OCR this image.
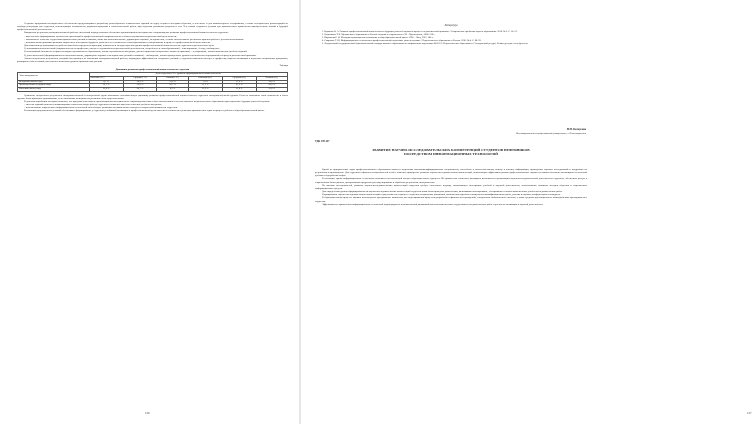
Создание программно-методического обеспечения предусматривает разработку разнообразных тематических заданий по курсу теории и методики обучения, в том числе и для компьютерного тестирования, а также методических рекомендаций по подбору репертуара для студентов, использующих возможности диджитал-программ в самостоятельной работе при изучении различных разделов и тем. Тем самым создаются условия для практического применения приобретенных знаний в будущей профессиональной деятельности.

Ожидаемые результаты экспериментальной работы: системный подход позволит обеспечить организационно-методическое сопровождение развития профессиональной компетентности студентов:

– качественное формирование ценностных ориентаций и профессиональной направленности в области музыкально-педагогической деятельности;

– оптимальное освоение студентами практических умений и навыков, таких как исполнительские, дирижерско-хоровые, методические, а также использование различных приемов работы с детским коллективом;

– положительная динамика развития творческого потенциала будущего учителя и его готовности к самообразованию и саморазвитию в процессе профессиональной деятельности.

Для выявления результативности работы нами были определены критерии, показатели и методы изучения уровня профессиональной компетентности студентов педагогического вуза:

1) мотивационно-ценностный (направленность на профессию, интерес к музыкально-педагогической деятельности, потребность в самообразовании) – анкетирование, беседа, наблюдение;

2) когнитивный (знания по теории и методике музыкального образования, знание музыкального материала, умение применять полученные знания на практике) – тестирование, анализ выполнения учебных заданий;

3) деятельностный (сформированность исполнительских, дирижерско-хоровых и методических умений и навыков) – наблюдение, анализ проведенных уроков и внеклассных мероприятий в период педагогической практики.

Анализ полученных результатов, который был проведен по окончании экспериментальной работы, подтвердил эффективность созданных условий: у студентов повысился интерес к профессии, выросла мотивация к изучению специальных дисциплин, расширился объем знаний, качественно изменился уровень практических умений.

Таблица
Динамика развития профессиональной компетентности студентов
Этап эксперимента	Доля студентов (%) с уровнем сформированности компетентности					
	Высокий (ЭГ)	Средний (ЭГ)	Низкий (ЭГ)	Высокий (КГ)	Средний (КГ)	Низкий (КГ)
Исходный (начало года)	8,1 %	38,9 %	53,0 %	7,8 %	37,6 %	54,6 %
Промежуточный (середина года)	16,7 %	53,6 %	29,7 %	11,1 %	47,3 %	41,6 %
Итоговый (конец года)	32,4 %	58,7 %	8,9 %	13,2 %	51,8 %	35,0 %

Сравнение полученных результатов экспериментальной и контрольной групп показывает положительную динамику развития профессиональной компетентности студентов экспериментальной группы. Если на начальном этапе показатели в обеих группах были примерно одинаковыми, то по окончании эксперимента различия стали существенными.

Результаты апробации методики показали, что предложенная модель организационно-методического сопровождения может быть использована в системе высшего педагогического образования при подготовке будущих учителей музыки:

– система заданий позволяет активизировать самостоятельную работу студентов и повысить качество освоения учебного материала;

– использование современных информационных технологий способствует развитию познавательного интереса и творческой активности студентов.

Реализация предложенных условий обеспечивает формирование у студентов устойчивой мотивации к профессиональной деятельности и готовности к решению практических задач в процессе работы в общеобразовательной школе.

126
Литература

1. Баранова О. А. Развитие профессиональной компетентности будущих учителей музыки в процессе педагогической практики // Современные проблемы науки и образования. 2014. № 3. С. 14–21.

2. Гродникова Т. В. Музыкальное образование в России: история и современность. М. : Просвещение, 2008. 216 с.

3. Кирьянова Е. В. Методика музыкального воспитания в общеобразовательной школе. СПб. : Лань, 2012. 184 с.

4. Смирнова Т. Ю. Информационные технологии в профессиональной подготовке учителя музыки // Педагогическое образование в России. 2016. № 4. С. 88–93.

5. Федеральный государственный образовательный стандарт высшего образования по направлению подготовки 44.03.01 «Педагогическое образование» [Электронный ресурс]. Режим доступа: www.fgosvo.ru.

Н.Н. Белоусова
Нижневартовский государственный университет, г. Нижневартовск
УДК 378.147
РАЗВИТИЕ НАУЧНО-ИССЛЕДОВАТЕЛЬСКИХ КОМПЕТЕНЦИЙ СТУДЕНТОВ НЕФТЯНИКОВ ПОСРЕДСТВОМ ИНФОРМАЦИОННЫХ ТЕХНОЛОГИЙ

Одной из приоритетных задач профессионального образования является подготовка высококвалифицированных специалистов, способных к самостоятельному поиску и анализу информации, проведению научных исследований и внедрению их результатов в производство. Для студентов нефтяных специальностей особое значение приобретает развитие научно-исследовательских компетенций, позволяющих эффективно решать профессиональные задачи в условиях постоянно меняющихся технологий добычи и переработки нефти.

В настоящее время информационные технологии становятся неотъемлемой частью образовательного процесса. Их применение позволяет расширить возможности организации научно-исследовательской деятельности студентов, обеспечить доступ к современным базам данных, программным продуктам для моделирования и обработки результатов экспериментов.

По мнению исследователей, развитие научно-исследовательских компетенций студентов требует системного подхода, включающего интеграцию учебной и научной деятельности, использование активных методов обучения и современных информационных средств.

Для определения уровня сформированности научно-исследовательских компетенций студентов нами была проведена диагностика, включавшая анкетирование, тестирование и анализ выполненных учебно-исследовательских работ.

Формирование научно-исследовательских компетенций осуществляется в процессе изучения специальных дисциплин, выполнения курсовых и выпускных квалификационных работ, участия в научных конференциях и конкурсах.

В образовательном процессе активно используются программные комплексы для моделирования процессов разработки нефтяных месторождений, электронные библиотечные системы, а также средства дистанционного взаимодействия преподавателя и студентов.

Эффективность применения информационных технологий подтверждается положительной динамикой качества выполненных студентами исследовательских работ и ростом их мотивации к научной деятельности.

127
